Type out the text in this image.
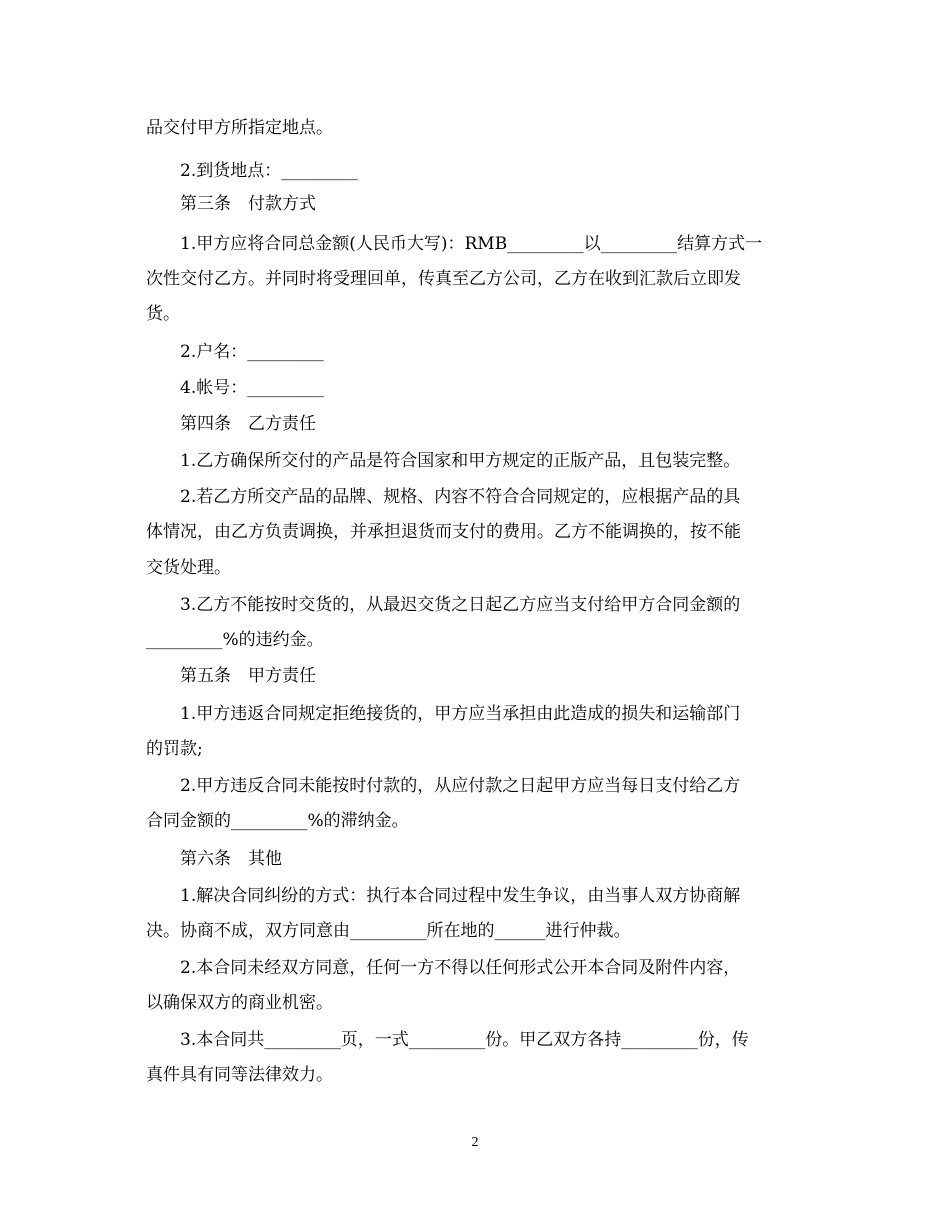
品交付甲方所指定地点。
2.到货地点：_________
第三条　付款方式
1.甲方应将合同总金额(人民币大写)：RMB_________以_________结算方式一
次性交付乙方。并同时将受理回单，传真至乙方公司，乙方在收到汇款后立即发
货。
2.户名：_________
4.帐号：_________
第四条　乙方责任
1.乙方确保所交付的产品是符合国家和甲方规定的正版产品，且包装完整。
2.若乙方所交产品的品牌、规格、内容不符合合同规定的，应根据产品的具
体情况，由乙方负责调换，并承担退货而支付的费用。乙方不能调换的，按不能
交货处理。
3.乙方不能按时交货的，从最迟交货之日起乙方应当支付给甲方合同金额的
_________%的违约金。
第五条　甲方责任
1.甲方违返合同规定拒绝接货的，甲方应当承担由此造成的损失和运输部门
的罚款;
2.甲方违反合同未能按时付款的，从应付款之日起甲方应当每日支付给乙方
合同金额的_________%的滞纳金。
第六条　其他
1.解决合同纠纷的方式：执行本合同过程中发生争议，由当事人双方协商解
决。协商不成，双方同意由_________所在地的______进行仲裁。
2.本合同未经双方同意，任何一方不得以任何形式公开本合同及附件内容，
以确保双方的商业机密。
3.本合同共_________页，一式_________份。甲乙双方各持_________份，传
真件具有同等法律效力。
2
